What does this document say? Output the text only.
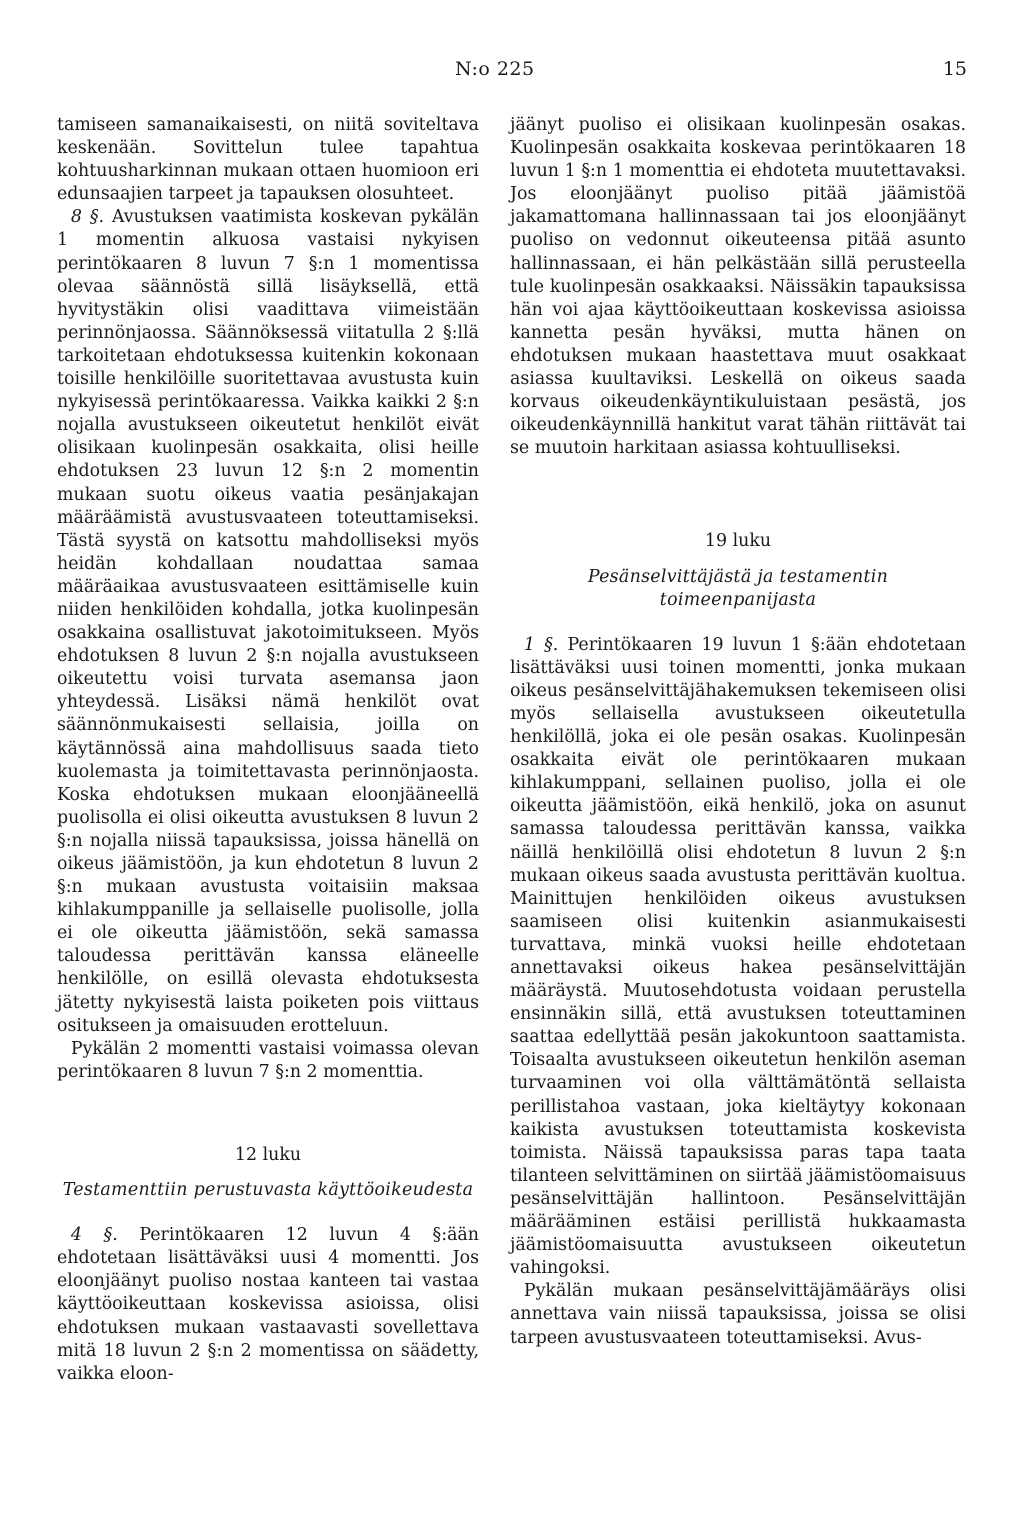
N:o 225	15

tamiseen samanaikaisesti, on niitä soviteltava keskenään. Sovittelun tulee tapahtua kohtuusharkinnan mukaan ottaen huomioon eri edunsaajien tarpeet ja tapauksen olosuhteet.

8 §. Avustuksen vaatimista koskevan pykälän 1 momentin alkuosa vastaisi nykyisen perintökaaren 8 luvun 7 §:n 1 momentissa olevaa säännöstä sillä lisäyksellä, että hyvitystäkin olisi vaadittava viimeistään perinnönjaossa. Säännöksessä viitatulla 2 §:llä tarkoitetaan ehdotuksessa kuitenkin kokonaan toisille henkilöille suoritettavaa avustusta kuin nykyisessä perintökaaressa. Vaikka kaikki 2 §:n nojalla avustukseen oikeutetut henkilöt eivät olisikaan kuolinpesän osakkaita, olisi heille ehdotuksen 23 luvun 12 §:n 2 momentin mukaan suotu oikeus vaatia pesänjakajan määräämistä avustusvaateen toteuttamiseksi. Tästä syystä on katsottu mahdolliseksi myös heidän kohdallaan noudattaa samaa määräaikaa avustusvaateen esittämiselle kuin niiden henkilöiden kohdalla, jotka kuolinpesän osakkaina osallistuvat jakotoimitukseen. Myös ehdotuksen 8 luvun 2 §:n nojalla avustukseen oikeutettu voisi turvata asemansa jaon yhteydessä. Lisäksi nämä henkilöt ovat säännönmukaisesti sellaisia, joilla on käytännössä aina mahdollisuus saada tieto kuolemasta ja toimitettavasta perinnönjaosta. Koska ehdotuksen mukaan eloonjääneellä puolisolla ei olisi oikeutta avustuksen 8 luvun 2 §:n nojalla niissä tapauksissa, joissa hänellä on oikeus jäämistöön, ja kun ehdotetun 8 luvun 2 §:n mukaan avustusta voitaisiin maksaa kihlakumppanille ja sellaiselle puolisolle, jolla ei ole oikeutta jäämistöön, sekä samassa taloudessa perittävän kanssa eläneelle henkilölle, on esillä olevasta ehdotuksesta jätetty nykyisestä laista poiketen pois viittaus ositukseen ja omaisuuden erotteluun.

Pykälän 2 momentti vastaisi voimassa olevan perintökaaren 8 luvun 7 §:n 2 momenttia.

12 luku
Testamenttiin perustuvasta käyttöoikeudesta

4 §. Perintökaaren 12 luvun 4 §:ään ehdotetaan lisättäväksi uusi 4 momentti. Jos eloonjäänyt puoliso nostaa kanteen tai vastaa käyttöoikeuttaan koskevissa asioissa, olisi ehdotuksen mukaan vastaavasti sovellettava mitä 18 luvun 2 §:n 2 momentissa on säädetty, vaikka eloon-

jäänyt puoliso ei olisikaan kuolinpesän osakas. Kuolinpesän osakkaita koskevaa perintökaaren 18 luvun 1 §:n 1 momenttia ei ehdoteta muutettavaksi. Jos eloonjäänyt puoliso pitää jäämistöä jakamattomana hallinnassaan tai jos eloonjäänyt puoliso on vedonnut oikeuteensa pitää asunto hallinnassaan, ei hän pelkästään sillä perusteella tule kuolinpesän osakkaaksi. Näissäkin tapauksissa hän voi ajaa käyttöoikeuttaan koskevissa asioissa kannetta pesän hyväksi, mutta hänen on ehdotuksen mukaan haastettava muut osakkaat asiassa kuultaviksi. Leskellä on oikeus saada korvaus oikeudenkäyntikuluistaan pesästä, jos oikeudenkäynnillä hankitut varat tähän riittävät tai se muutoin harkitaan asiassa kohtuulliseksi.

19 luku
Pesänselvittäjästä ja testamentin
toimeenpanijasta

1 §. Perintökaaren 19 luvun 1 §:ään ehdotetaan lisättäväksi uusi toinen momentti, jonka mukaan oikeus pesänselvittäjähakemuksen tekemiseen olisi myös sellaisella avustukseen oikeutetulla henkilöllä, joka ei ole pesän osakas. Kuolinpesän osakkaita eivät ole perintökaaren mukaan kihlakumppani, sellainen puoliso, jolla ei ole oikeutta jäämistöön, eikä henkilö, joka on asunut samassa taloudessa perittävän kanssa, vaikka näillä henkilöillä olisi ehdotetun 8 luvun 2 §:n mukaan oikeus saada avustusta perittävän kuoltua. Mainittujen henkilöiden oikeus avustuksen saamiseen olisi kuitenkin asianmukaisesti turvattava, minkä vuoksi heille ehdotetaan annettavaksi oikeus hakea pesänselvittäjän määräystä. Muutosehdotusta voidaan perustella ensinnäkin sillä, että avustuksen toteuttaminen saattaa edellyttää pesän jakokuntoon saattamista. Toisaalta avustukseen oikeutetun henkilön aseman turvaaminen voi olla välttämätöntä sellaista perillistahoa vastaan, joka kieltäytyy kokonaan kaikista avustuksen toteuttamista koskevista toimista. Näissä tapauksissa paras tapa taata tilanteen selvittäminen on siirtää jäämistöomaisuus pesänselvittäjän hallintoon. Pesänselvittäjän määrääminen estäisi perillistä hukkaamasta jäämistöomaisuutta avustukseen oikeutetun vahingoksi.

Pykälän mukaan pesänselvittäjämääräys olisi annettava vain niissä tapauksissa, joissa se olisi tarpeen avustusvaateen toteuttamiseksi. Avus-
